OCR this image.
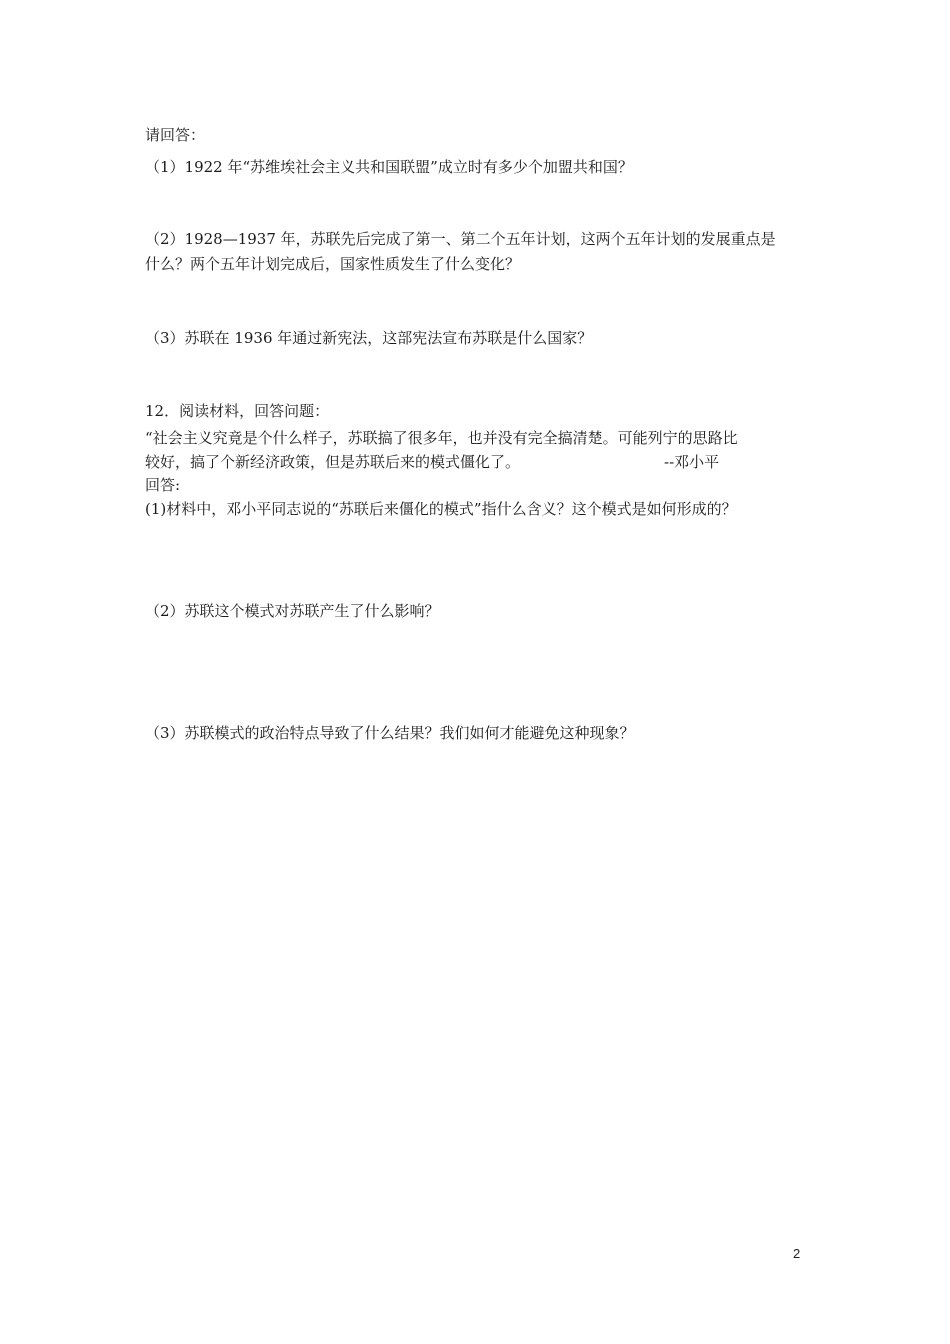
请回答：
（1）1922 年“苏维埃社会主义共和国联盟”成立时有多少个加盟共和国？
（2）1928—1937 年，苏联先后完成了第一、第二个五年计划，这两个五年计划的发展重点是
什么？两个五年计划完成后，国家性质发生了什么变化？
（3）苏联在 1936 年通过新宪法，这部宪法宣布苏联是什么国家？
12．阅读材料，回答问题：
“社会主义究竟是个什么样子，苏联搞了很多年，也并没有完全搞清楚。可能列宁的思路比
较好，搞了个新经济政策，但是苏联后来的模式僵化了。	--邓小平
回答:
(1)材料中，邓小平同志说的“苏联后来僵化的模式”指什么含义？这个模式是如何形成的？
（2）苏联这个模式对苏联产生了什么影响？
（3）苏联模式的政治特点导致了什么结果？我们如何才能避免这种现象？
2
